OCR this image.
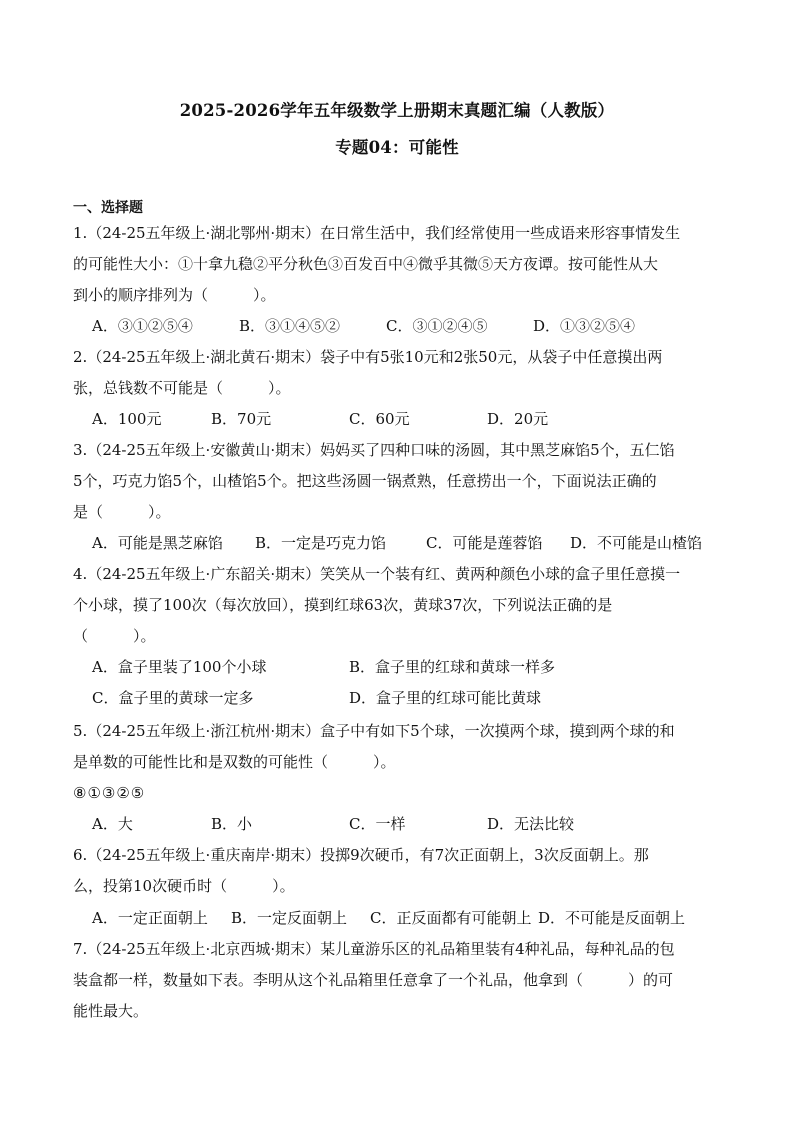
2025-2026学年五年级数学上册期末真题汇编（人教版）
专题04：可能性
一、选择题
1.（24-25五年级上·湖北鄂州·期末）在日常生活中，我们经常使用一些成语来形容事情发生
的可能性大小：①十拿九稳②平分秋色③百发百中④微乎其微⑤天方夜谭。按可能性从大
到小的顺序排列为（　　　）。
A．③①②⑤④	B．③①④⑤②	C．③①②④⑤	D．①③②⑤④
2.（24-25五年级上·湖北黄石·期末）袋子中有5张10元和2张50元，从袋子中任意摸出两
张，总钱数不可能是（　　　）。
A．100元	B．70元	C．60元	D．20元
3.（24-25五年级上·安徽黄山·期末）妈妈买了四种口味的汤圆，其中黑芝麻馅5个，五仁馅
5个，巧克力馅5个，山楂馅5个。把这些汤圆一锅煮熟，任意捞出一个，下面说法正确的
是（　　　）。
A．可能是黑芝麻馅 B．一定是巧克力馅	C．可能是莲蓉馅 D．不可能是山楂馅
4.（24-25五年级上·广东韶关·期末）笑笑从一个装有红、黄两种颜色小球的盒子里任意摸一
个小球，摸了100次（每次放回），摸到红球63次，黄球37次，下列说法正确的是
（　　　）。
A．盒子里装了100个小球	B．盒子里的红球和黄球一样多
C．盒子里的黄球一定多	D．盒子里的红球可能比黄球
5.（24-25五年级上·浙江杭州·期末）盒子中有如下5个球，一次摸两个球，摸到两个球的和
是单数的可能性比和是双数的可能性（　　　）。
⑧①③②⑤
A．大	B．小	C．一样	D．无法比较
6.（24-25五年级上·重庆南岸·期末）投掷9次硬币，有7次正面朝上，3次反面朝上。那
么，投第10次硬币时（　　　）。
A．一定正面朝上 B．一定反面朝上 C．正反面都有可能朝上 D．不可能是反面朝上
7.（24-25五年级上·北京西城·期末）某儿童游乐区的礼品箱里装有4种礼品，每种礼品的包
装盒都一样，数量如下表。李明从这个礼品箱里任意拿了一个礼品，他拿到（　　　）的可
能性最大。
